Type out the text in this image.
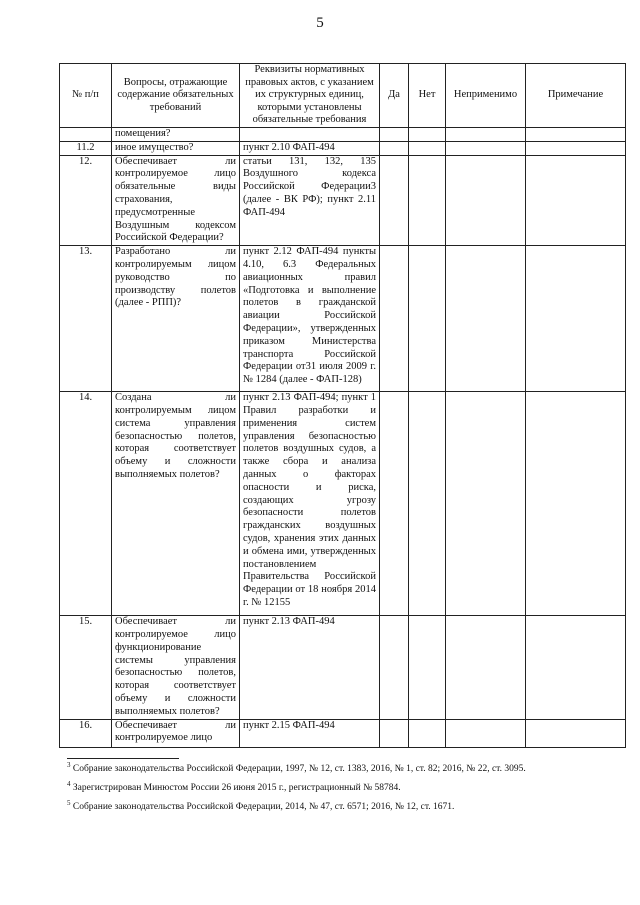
5
№ п/п	Вопросы, отражающие содержание обязательных требований	Реквизиты нормативных правовых актов, с указанием их структурных единиц, которыми установлены обязательные требования	Да	Нет	Неприменимо	Примечание
	помещения?					
11.2	иное имущество?	пункт 2.10 ФАП-494				
12.	Обеспечивает ли контролируемое лицо обязательные виды страхования, предусмотренные Воздушным кодексом Российской Федерации?	статьи 131, 132, 135 Воздушного кодекса Российской Федерации3 (далее - ВК РФ); пункт 2.11 ФАП-494				
13.	Разработано ли контролируемым лицом руководство по производству полетов (далее - РПП)?	пункт 2.12 ФАП-494 пункты 4.10, 6.3 Федеральных авиационных правил «Подготовка и выполнение полетов в гражданской авиации Российской Федерации», утвержденных приказом Министерства транспорта Российской Федерации от31 июля 2009 г. № 1284 (далее - ФАП-128)				
14.	Создана ли контролируемым лицом система управления безопасностью полетов, которая соответствует объему и сложности выполняемых полетов?	пункт 2.13 ФАП-494; пункт 1 Правил разработки и применения систем управления безопасностью полетов воздушных судов, а также сбора и анализа данных о факторах опасности и риска, создающих угрозу безопасности полетов гражданских воздушных судов, хранения этих данных и обмена ими, утвержденных постановлением Правительства Российской Федерации от 18 ноября 2014 г. № 12155				
15.	Обеспечивает ли контролируемое лицо функционирование системы управления безопасностью полетов, которая соответствует объему и сложности выполняемых полетов?	пункт 2.13 ФАП-494				
16.	Обеспечивает ли контролируемое лицо	пункт 2.15 ФАП-494				
$^3$ Собрание законодательства Российской Федерации, 1997, № 12, ст. 1383, 2016, № 1, ст. 82; 2016, № 22, ст. 3095.
$^4$ Зарегистрирован Минюстом России 26 июня 2015 г., регистрационный № 58784.
$^5$ Собрание законодательства Российской Федерации, 2014, № 47, ст. 6571; 2016, № 12, ст. 1671.
